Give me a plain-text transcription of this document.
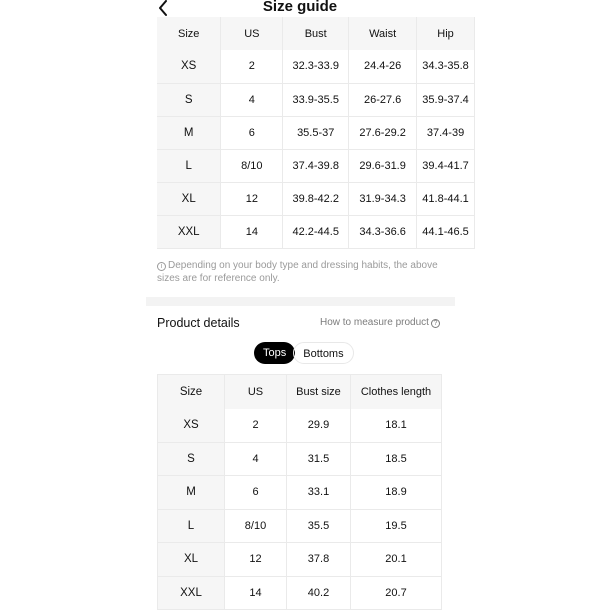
Size guide
Size	US	Bust	Waist	Hip
XS	2	32.3-33.9	24.4-26	34.3-35.8
S	4	33.9-35.5	26-27.6	35.9-37.4
M	6	35.5-37	27.6-29.2	37.4-39
L	8/10	37.4-39.8	29.6-31.9	39.4-41.7
XL	12	39.8-42.2	31.9-34.3	41.8-44.1
XXL	14	42.2-44.5	34.3-36.6	44.1-46.5
i Depending on your body type and dressing habits, the above sizes are for reference only.
Product details	How to measure product ?
Tops	Bottoms
Size	US	Bust size	Clothes length
XS	2	29.9	18.1
S	4	31.5	18.5
M	6	33.1	18.9
L	8/10	35.5	19.5
XL	12	37.8	20.1
XXL	14	40.2	20.7
